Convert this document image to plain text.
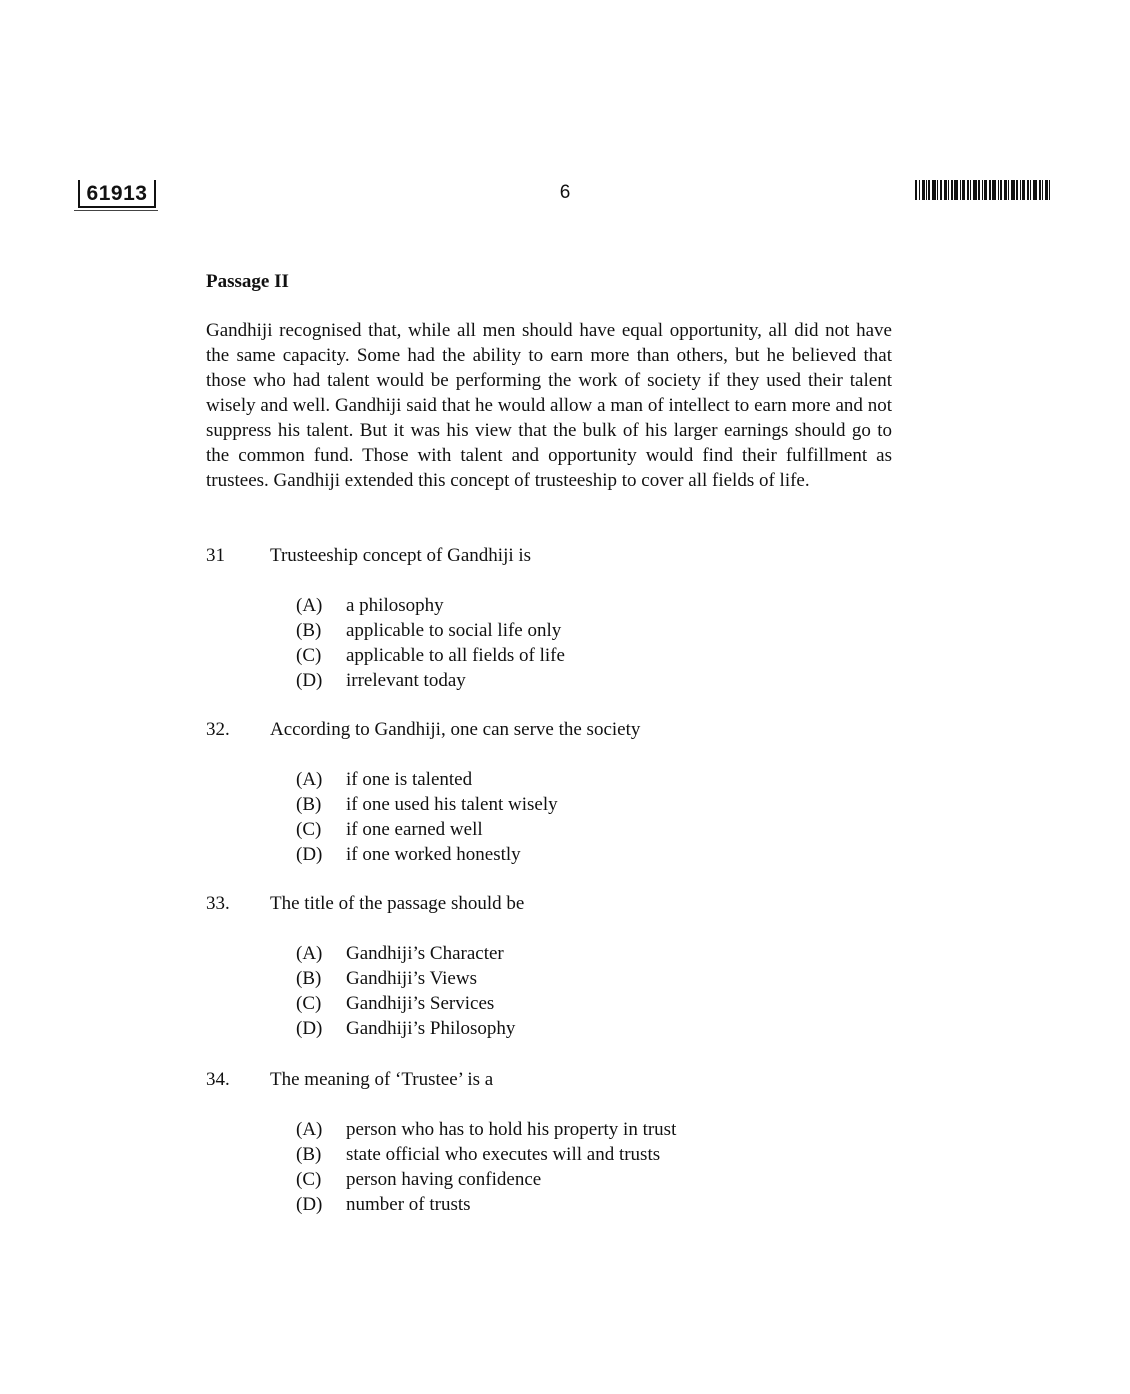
61913	6
Passage II
Gandhiji recognised that, while all men should have equal opportunity, all did not have the same capacity. Some had the ability to earn more than others, but he believed that those who had talent would be performing the work of society if they used their talent wisely and well. Gandhiji said that he would allow a man of intellect to earn more and not suppress his talent. But it was his view that the bulk of his larger earnings should go to the common fund. Those with talent and opportunity would find their fulfillment as trustees. Gandhiji extended this concept of trusteeship to cover all fields of life.
31 Trusteeship concept of Gandhiji is
(A) a philosophy
(B) applicable to social life only
(C) applicable to all fields of life
(D) irrelevant today
32. According to Gandhiji, one can serve the society
(A) if one is talented
(B) if one used his talent wisely
(C) if one earned well
(D) if one worked honestly
33. The title of the passage should be
(A) Gandhiji’s Character
(B) Gandhiji’s Views
(C) Gandhiji’s Services
(D) Gandhiji’s Philosophy
34. The meaning of ‘Trustee’ is a
(A) person who has to hold his property in trust
(B) state official who executes will and trusts
(C) person having confidence
(D) number of trusts
